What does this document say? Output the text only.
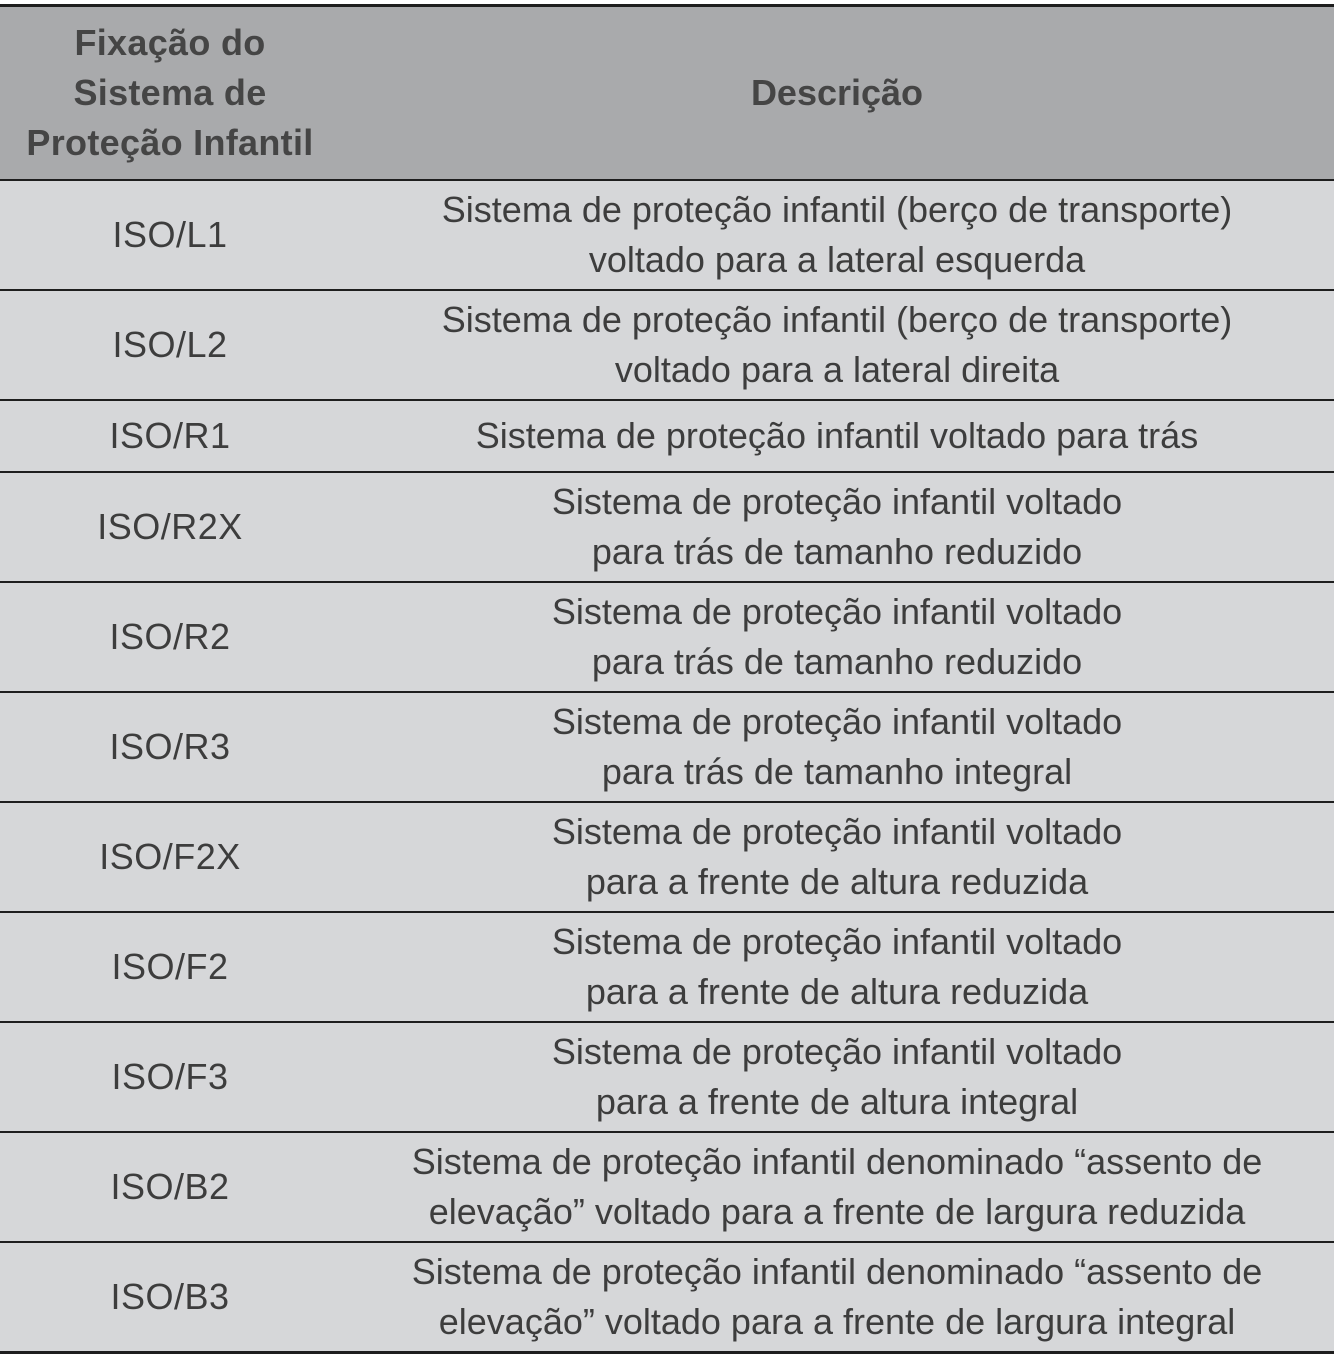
Fixação do
Sistema de
Proteção Infantil	Descrição
ISO/L1	Sistema de proteção infantil (berço de transporte)
voltado para a lateral esquerda

ISO/L2	Sistema de proteção infantil (berço de transporte)
voltado para a lateral direita

ISO/R1	Sistema de proteção infantil voltado para trás

ISO/R2X	Sistema de proteção infantil voltado
para trás de tamanho reduzido

ISO/R2	Sistema de proteção infantil voltado
para trás de tamanho reduzido

ISO/R3	Sistema de proteção infantil voltado
para trás de tamanho integral

ISO/F2X	Sistema de proteção infantil voltado
para a frente de altura reduzida

ISO/F2	Sistema de proteção infantil voltado
para a frente de altura reduzida

ISO/F3	Sistema de proteção infantil voltado
para a frente de altura integral

ISO/B2	Sistema de proteção infantil denominado “assento de
elevação” voltado para a frente de largura reduzida

ISO/B3	Sistema de proteção infantil denominado “assento de
elevação” voltado para a frente de largura integral
